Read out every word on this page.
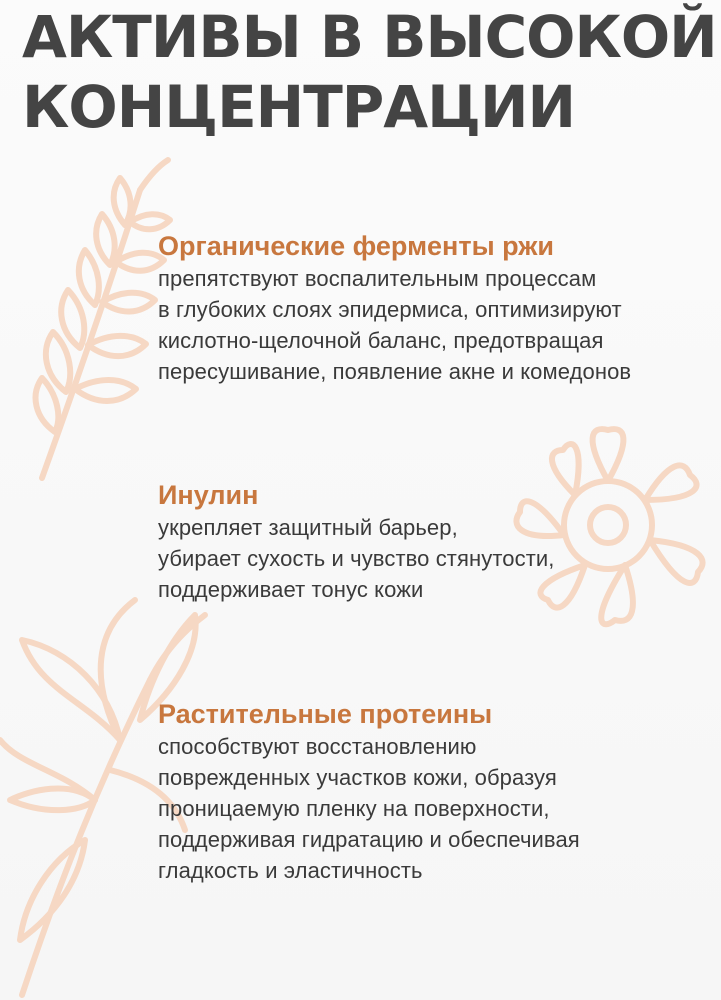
АКТИВЫ В ВЫСОКОЙ
КОНЦЕНТРАЦИИ
Органические ферменты ржи

препятствуют воспалительным процессам
в глубоких слоях эпидермиса, оптимизируют
кислотно-щелочной баланс, предотвращая
пересушивание, появление акне и комедонов

Инулин

укрепляет защитный барьер,
убирает сухость и чувство стянутости,
поддерживает тонус кожи

Растительные протеины

способствуют восстановлению
поврежденных участков кожи, образуя
проницаемую пленку на поверхности,
поддерживая гидратацию и обеспечивая
гладкость и эластичность
